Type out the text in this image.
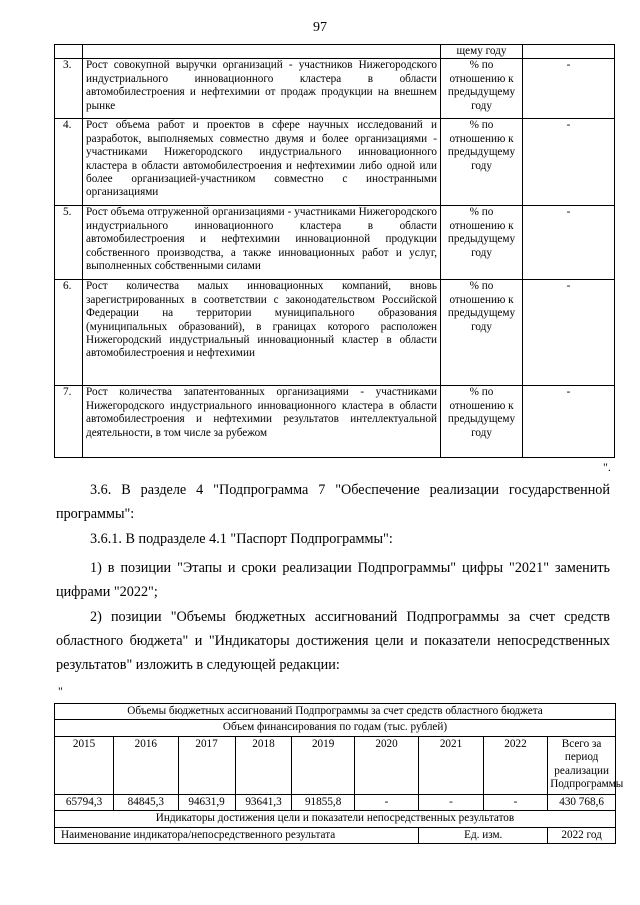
97
		щему году	
3.	Рост совокупной выручки организаций - участников Нижегородского индустриального инновационного кластера в области автомобилестроения и нефтехимии от продаж продукции на внешнем рынке	% по отношению к предыдущему году	-
4.	Рост объема работ и проектов в сфере научных исследований и разработок, выполняемых совместно двумя и более организациями - участниками Нижегородского индустриального инновационного кластера в области автомобилестроения и нефтехимии либо одной или более организацией-участником совместно с иностранными организациями	% по отношению к предыдущему году	-
5.	Рост объема отгруженной организациями - участниками Нижегородского индустриального инновационного кластера в области автомобилестроения и нефтехимии инновационной продукции собственного производства, а также инновационных работ и услуг, выполненных собственными силами	% по отношению к предыдущему году	-
6.	Рост количества малых инновационных компаний, вновь зарегистрированных в соответствии с законодательством Российской Федерации на территории муниципального образования (муниципальных образований), в границах которого расположен Нижегородский индустриальный инновационный кластер в области автомобилестроения и нефтехимии	% по отношению к предыдущему году	-
7.	Рост количества запатентованных организациями - участниками Нижегородского индустриального инновационного кластера в области автомобилестроения и нефтехимии результатов интеллектуальной деятельности, в том числе за рубежом	% по отношению к предыдущему году	-
".
3.6. В разделе 4 "Подпрограмма 7 "Обеспечение реализации государственной программы":
3.6.1. В подразделе 4.1 "Паспорт Подпрограммы":
1) в позиции "Этапы и сроки реализации Подпрограммы" цифры "2021" заменить цифрами "2022";
2) позиции "Объемы бюджетных ассигнований Подпрограммы за счет средств областного бюджета" и "Индикаторы достижения цели и показатели непосредственных результатов" изложить в следующей редакции:
"
Объемы бюджетных ассигнований Подпрограммы за счет средств областного бюджета								
Объем финансирования по годам (тыс. рублей)								
2015	2016	2017	2018	2019	2020	2021	2022	Всего за период реализации Подпрограммы
65794,3	84845,3	94631,9	93641,3	91855,8	-	-	-	430 768,6
Индикаторы достижения цели и показатели непосредственных результатов								
Наименование индикатора/непосредственного результата						Ед. изм.		2022 год
